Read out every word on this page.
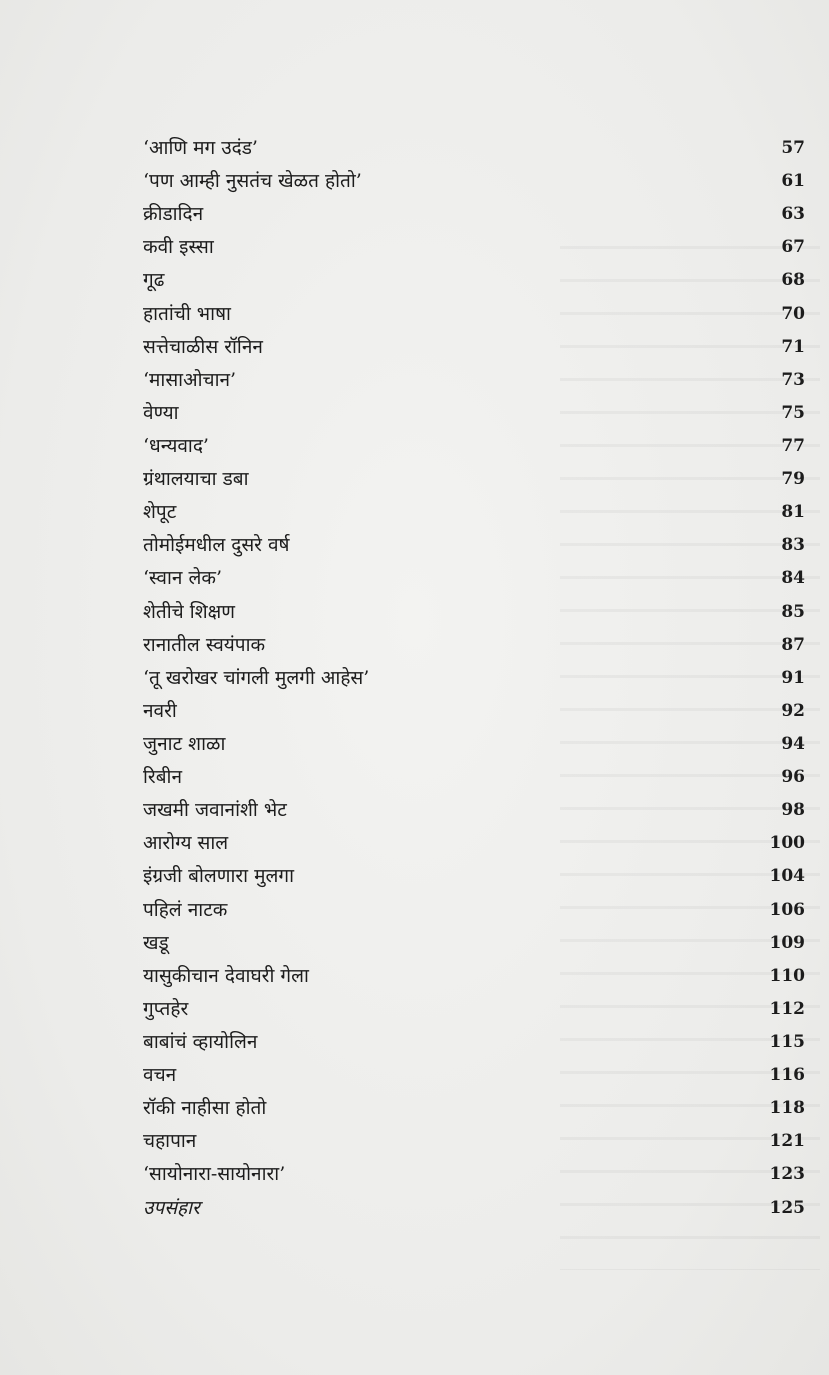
‘आणि मग उदंड’	57
‘पण आम्ही नुसतंच खेळत होतो’	61
क्रीडादिन	63
कवी इस्सा	67
गूढ	68
हातांची भाषा	70
सत्तेचाळीस रॉनिन	71
‘मासाओचान’	73
वेण्या	75
‘धन्यवाद’	77
ग्रंथालयाचा डबा	79
शेपूट	81
तोमोईमधील दुसरे वर्ष	83
‘स्वान लेक’	84
शेतीचे शिक्षण	85
रानातील स्वयंपाक	87
‘तू खरोखर चांगली मुलगी आहेस’	91
नवरी	92
जुनाट शाळा	94
रिबीन	96
जखमी जवानांशी भेट	98
आरोग्य साल	100
इंग्रजी बोलणारा मुलगा	104
पहिलं नाटक	106
खडू	109
यासुकीचान देवाघरी गेला	110
गुप्तहेर	112
बाबांचं व्हायोलिन	115
वचन	116
रॉकी नाहीसा होतो	118
चहापान	121
‘सायोनारा-सायोनारा’	123
उपसंहार	125
